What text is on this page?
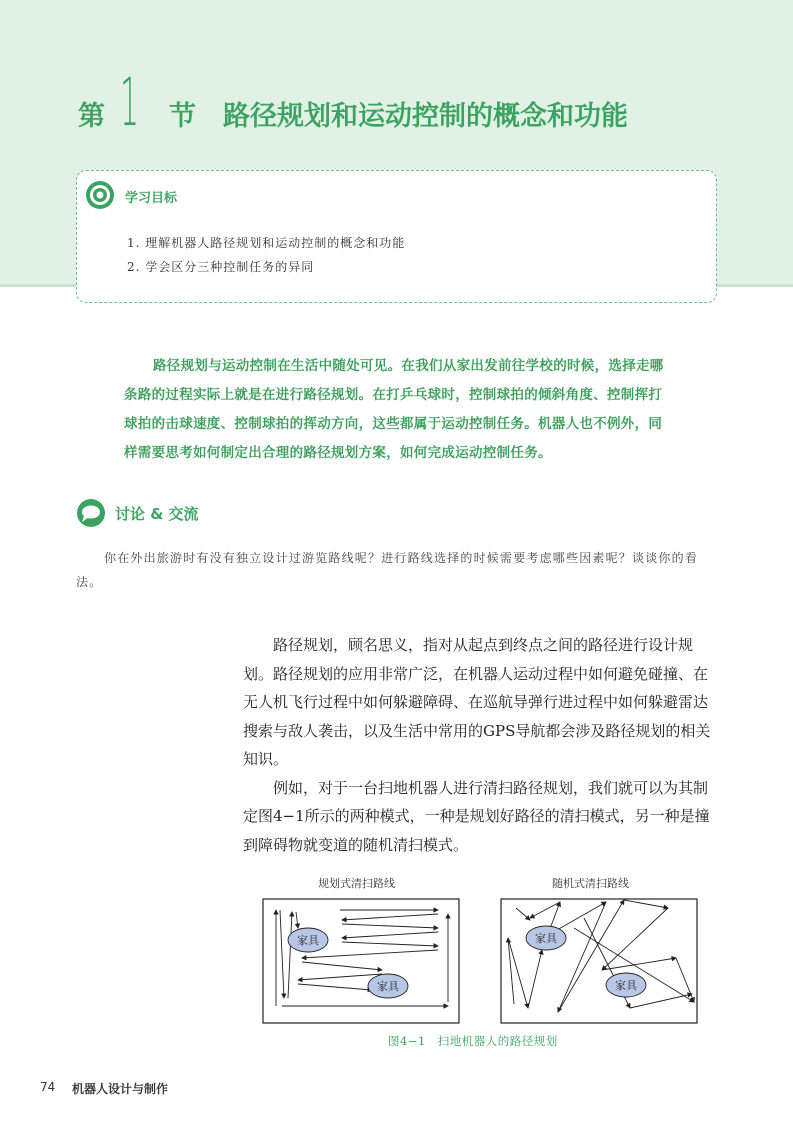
第 1 节 路径规划和运动控制的概念和功能
学习目标
1. 理解机器人路径规划和运动控制的概念和功能
2. 学会区分三种控制任务的异同
路径规划与运动控制在生活中随处可见。在我们从家出发前往学校的时候，选择走哪条路的过程实际上就是在进行路径规划。在打乒乓球时，控制球拍的倾斜角度、控制挥打球拍的击球速度、控制球拍的挥动方向，这些都属于运动控制任务。机器人也不例外，同样需要思考如何制定出合理的路径规划方案，如何完成运动控制任务。
讨论 & 交流
你在外出旅游时有没有独立设计过游览路线呢？进行路线选择的时候需要考虑哪些因素呢？谈谈你的看法。

路径规划，顾名思义，指对从起点到终点之间的路径进行设计规划。路径规划的应用非常广泛，在机器人运动过程中如何避免碰撞、在无人机飞行过程中如何躲避障碍、在巡航导弹行进过程中如何躲避雷达搜索与敌人袭击，以及生活中常用的GPS导航都会涉及路径规划的相关知识。

例如，对于一台扫地机器人进行清扫路径规划，我们就可以为其制定图4−1所示的两种模式，一种是规划好路径的清扫模式，另一种是撞到障碍物就变道的随机清扫模式。

规划式清扫路线	随机式清扫路线
家具
家具
家具
家具
图4−1　扫地机器人的路径规划
74 机器人设计与制作
